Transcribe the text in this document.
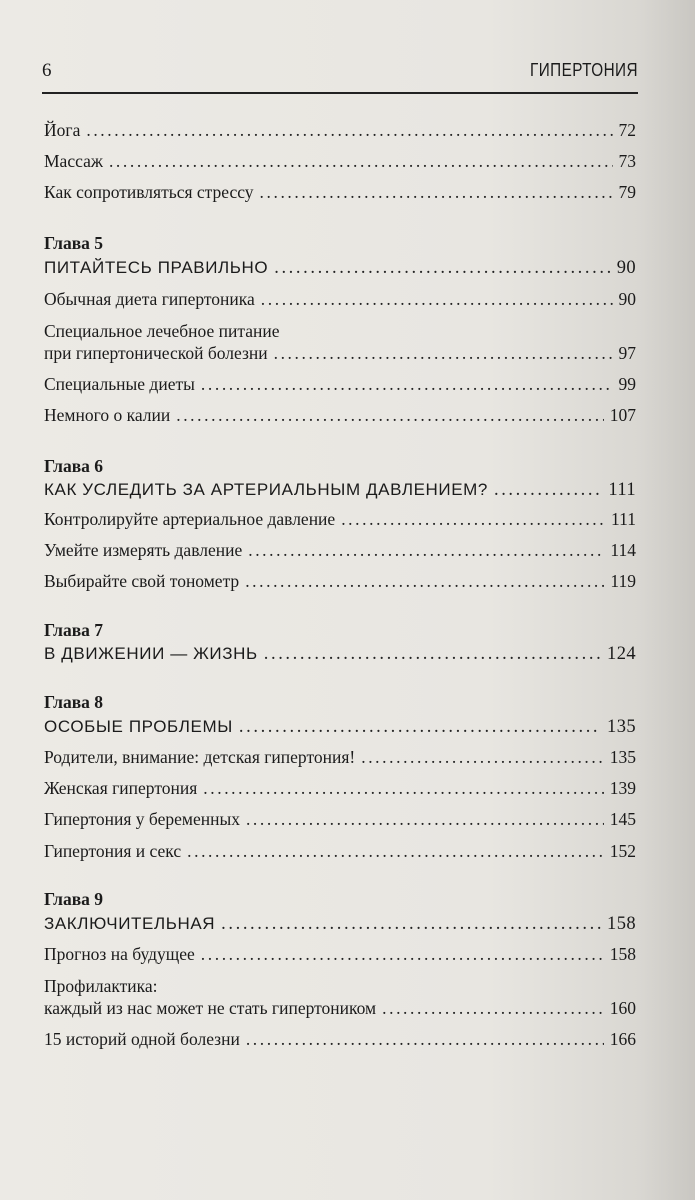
6	ГИПЕРТОНИЯ
Йога .....	72
Массаж .....	73
Как сопротивляться стрессу .....	79
Глава 5
ПИТАЙТЕСЬ ПРАВИЛЬНО .....	90
Обычная диета гипертоника .....	90
Специальное лечебное питание
при гипертонической болезни .....	97
Специальные диеты .....	99
Немного о калии .....	107
Глава 6
КАК УСЛЕДИТЬ ЗА АРТЕРИАЛЬНЫМ ДАВЛЕНИЕМ? .....	111
Контролируйте артериальное давление .....	111
Умейте измерять давление .....	114
Выбирайте свой тонометр .....	119
Глава 7
В ДВИЖЕНИИ — ЖИЗНЬ .....	124
Глава 8
ОСОБЫЕ ПРОБЛЕМЫ .....	135
Родители, внимание: детская гипертония! .....	135
Женская гипертония .....	139
Гипертония у беременных .....	145
Гипертония и секс .....	152
Глава 9
ЗАКЛЮЧИТЕЛЬНАЯ .....	158
Прогноз на будущее .....	158
Профилактика:
каждый из нас может не стать гипертоником .....	160
15 историй одной болезни .....	166
